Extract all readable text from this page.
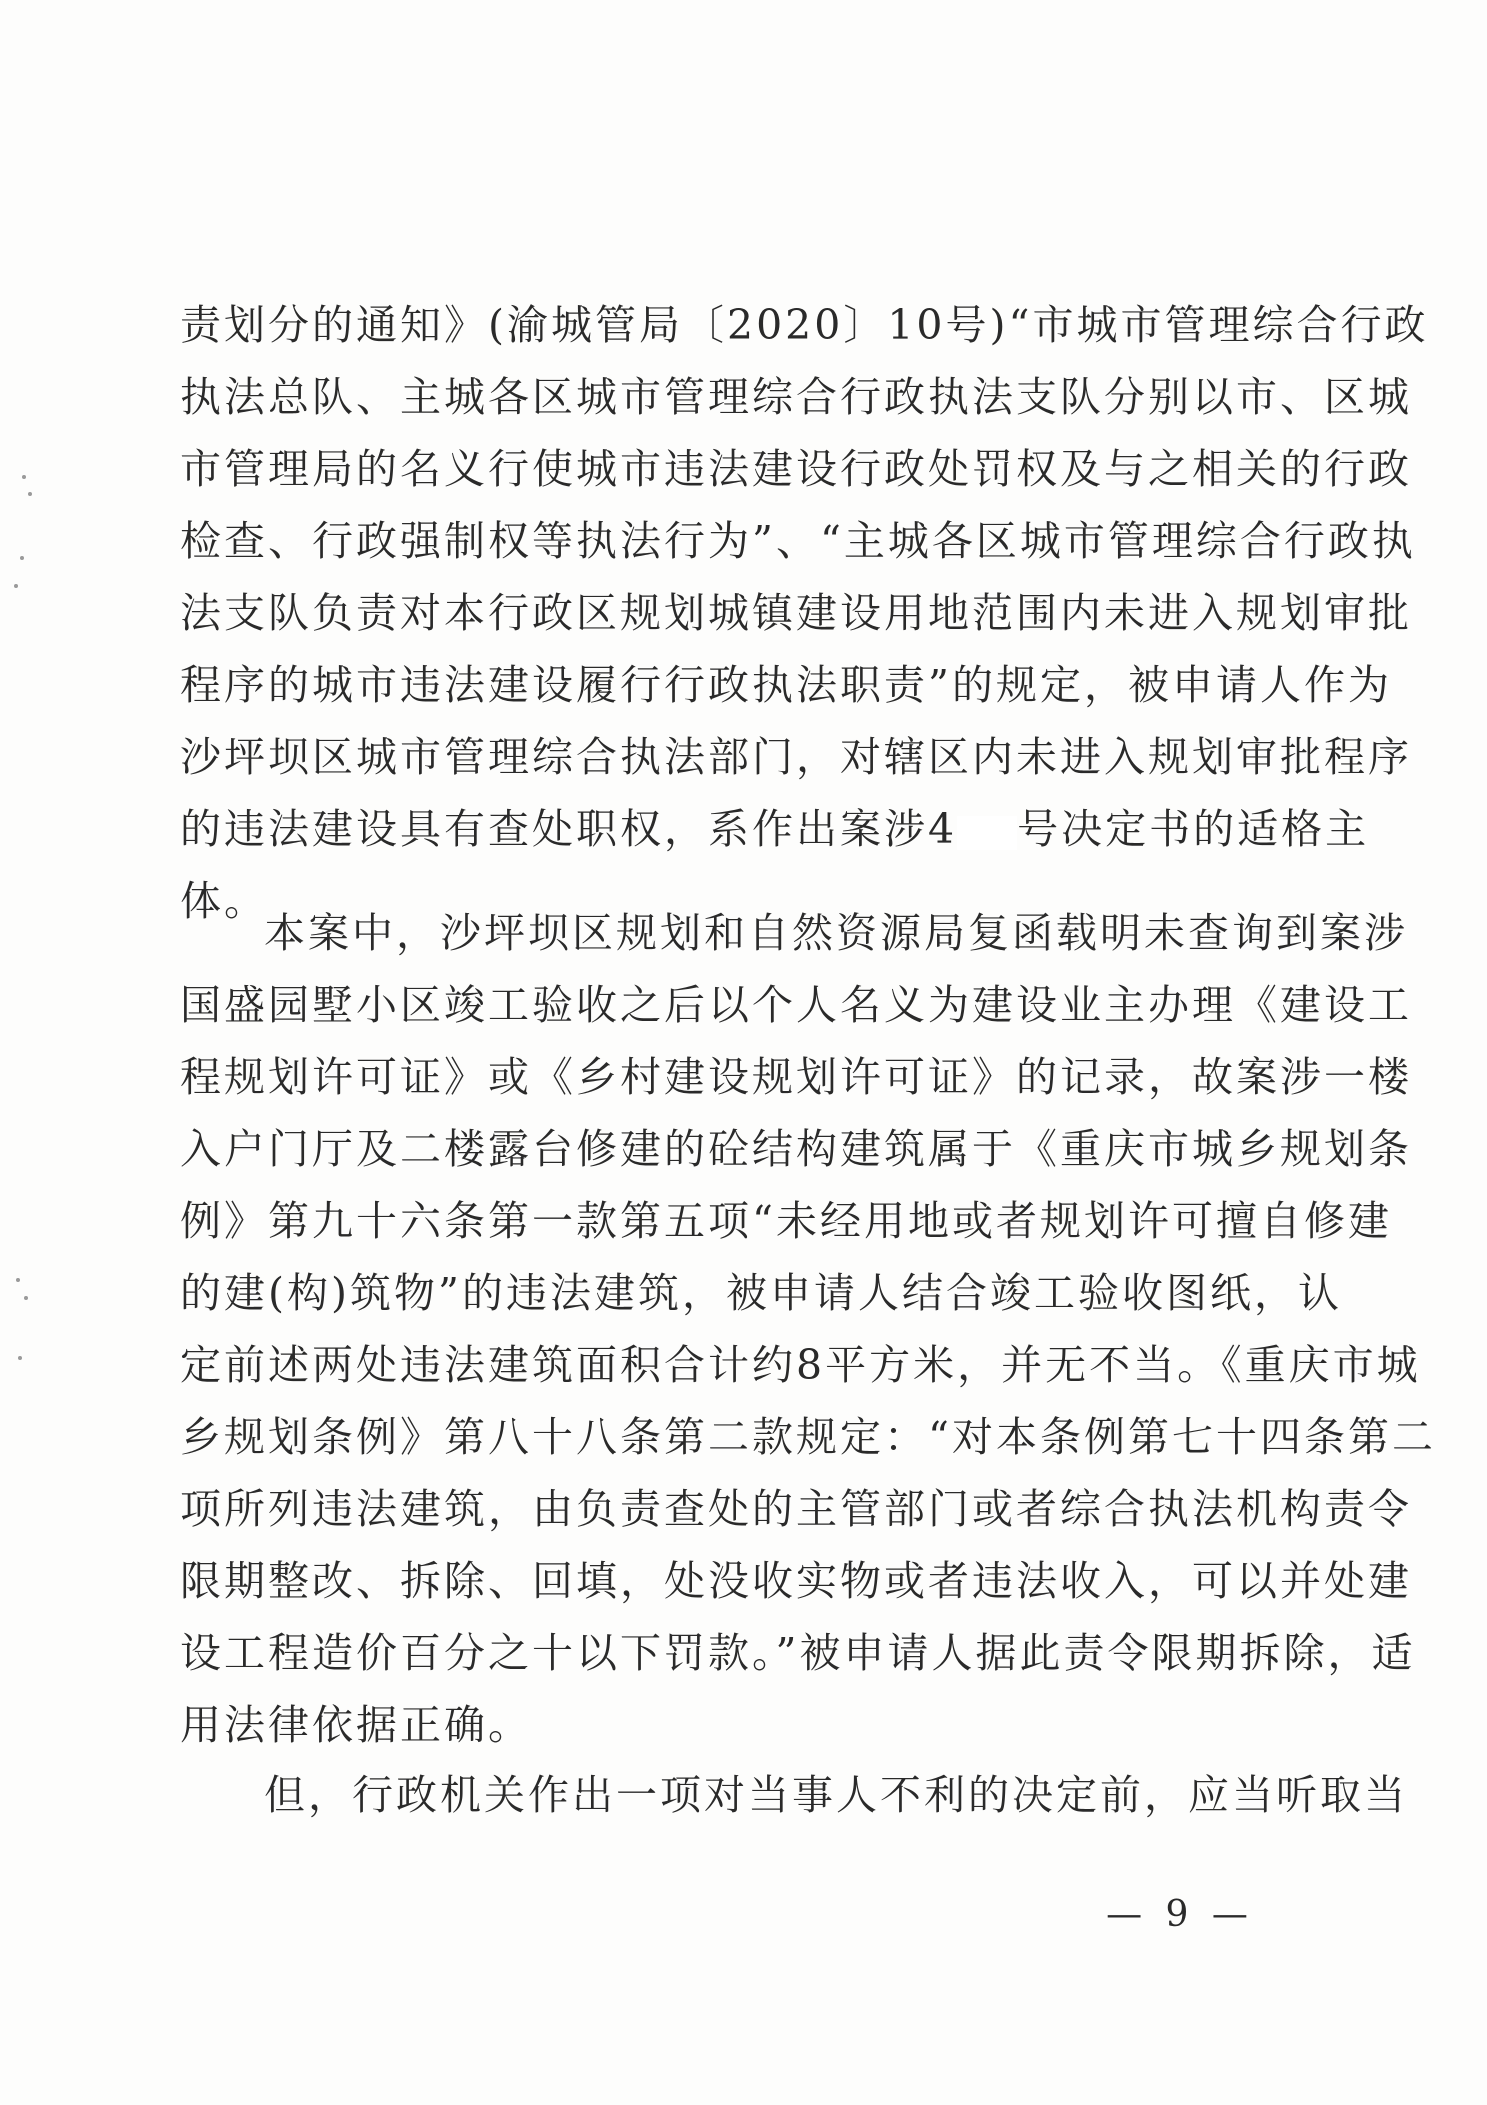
责划分的通知》(渝城管局〔2020〕10号)“市城市管理综合行政
执法总队、主城各区城市管理综合行政执法支队分别以市、区城
市管理局的名义行使城市违法建设行政处罚权及与之相关的行政
检查、行政强制权等执法行为”、“主城各区城市管理综合行政执
法支队负责对本行政区规划城镇建设用地范围内未进入规划审批
程序的城市违法建设履行行政执法职责”的规定，被申请人作为
沙坪坝区城市管理综合执法部门，对辖区内未进入规划审批程序
的违法建设具有查处职权，系作出案涉4 号决定书的适格主
体。
本案中，沙坪坝区规划和自然资源局复函载明未查询到案涉
国盛园墅小区竣工验收之后以个人名义为建设业主办理《建设工
程规划许可证》或《乡村建设规划许可证》的记录，故案涉一楼
入户门厅及二楼露台修建的砼结构建筑属于《重庆市城乡规划条
例》第九十六条第一款第五项“未经用地或者规划许可擅自修建
的建(构)筑物”的违法建筑，被申请人结合竣工验收图纸，认
定前述两处违法建筑面积合计约8平方米，并无不当。《重庆市城
乡规划条例》第八十八条第二款规定：“对本条例第七十四条第二
项所列违法建筑，由负责查处的主管部门或者综合执法机构责令
限期整改、拆除、回填，处没收实物或者违法收入，可以并处建
设工程造价百分之十以下罚款。”被申请人据此责令限期拆除，适
用法律依据正确。
但，行政机关作出一项对当事人不利的决定前，应当听取当
— 9 —
